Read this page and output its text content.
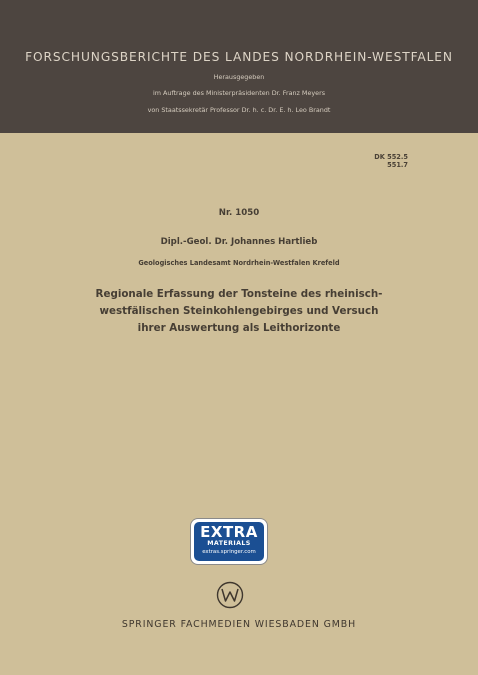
FORSCHUNGSBERICHTE DES LANDES NORDRHEIN-WESTFALEN
Herausgegeben
im Auftrage des Ministerpräsidenten Dr. Franz Meyers
von Staatssekretär Professor Dr. h. c. Dr. E. h. Leo Brandt
DK 552.5
551.7
Nr. 1050
Dipl.-Geol. Dr. Johannes Hartlieb
Geologisches Landesamt Nordrhein-Westfalen Krefeld
Regionale Erfassung der Tonsteine des rheinisch-
westfälischen Steinkohlengebirges und Versuch
ihrer Auswertung als Leithorizonte
EXTRA
MATERIALS
extras.springer.com
SPRINGER FACHMEDIEN WIESBADEN GMBH
